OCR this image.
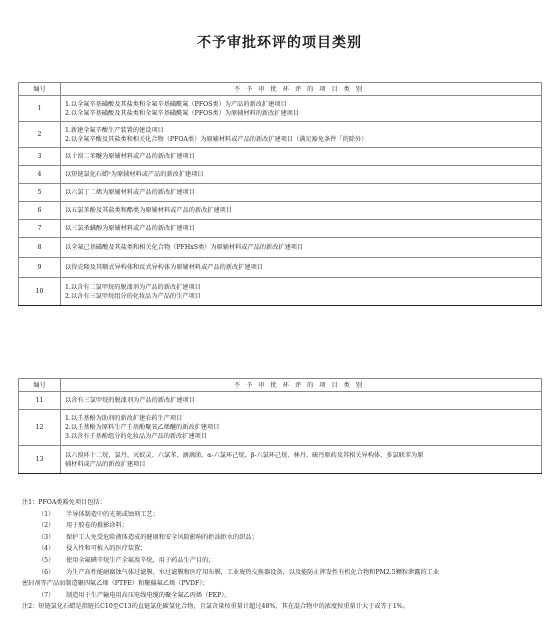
不予审批环评的项目类别
编号	不予审批环评的项目类别
1	1.以全氟辛基磺酸及其盐类和全氟辛基磺酰氟（PFOS类）为产品的新改扩建项目
2.以全氟辛基磺酸及其盐类和全氟辛基磺酰氟（PFOS类）为原辅材料的新改扩建项目

2	1.新建全氟辛酸生产装置的建设项目
2.以全氟辛酸及其盐类和相关化合物（PFOA类）为原辅材料或产品的新改扩建项目（满足豁免条件「的除外）

3	以十溴二苯醚为原辅材料或产品的新改扩建项目

4	以短链氯化石蜡²为原辅材料或产品的新改扩建项目

5	以六氯丁二烯为原辅材料或产品的新改扩建项目

6	以五氯苯酚及其盐类和酯类为原辅材料或产品的新改扩建项目

7	以三氯杀螨醇为原辅材料或产品的新改扩建项目

8	以全氟己基磺酸及其盐类和相关化合物（PFHxS类）为原辅材料或产品的新改扩建项目

9	以得克隆及其顺式异构体和反式异构体为原辅材料或产品的新改扩建项目

10	1.以含有二氯甲烷的脱漆剂为产品的新改扩建项目
2.以含有三氯甲烷组分的化妆品为产品的生产项目
编号	不予审批环评的项目类别
11	以含有三氯甲烷的脱漆剂为产品的新改扩建项目

12	1.以壬基酚为助剂的新改扩建农药生产项目
2.以壬基酚为原料生产壬基酚聚氧乙烯醚的新改扩建项目
3.以含有壬基酚组分的化妆品为产品的新改扩建项目

13	以六溴环十二烷、氯丹、灭蚁灵、六氯苯、滴滴涕、α-六氯环己烷、β-六氯环己烷、林丹、硫丹原药及其相关异构体、多氯联苯为原
辅材料或产品的新改扩建项目
注1：PFOA类豁免项目包括：
（1） 半导体制造中的光刻或蚀刻工艺；
（2） 用于胶卷的摄影涂料；
（3） 保护工人免受危险液体造成的健康和安全风险影响的拒油拒水的织品；
（4） 侵入性和可植入的医疗装置；
（5） 使用全氟碘辛烷生产全氟溴辛烷，用于药品生产目的；
（6） 为生产高性能耐腐蚀气体过滤膜、水过滤膜和医疗用布膜，工业废热交换器设备，以及能防止挥发性有机化合物和PM2.5颗粒泄露的工业
密封剂等产品而制造聚四氟乙烯（PTFE）和聚偏氟乙烯（PVDF）；
（7） 制造用于生产输电用高压电线电缆的聚全氟乙丙烯（FEP）。
注2：短链氯化石蜡是指链长C10至C13的直链氯化碳氢化合物，且氯含量按重量计超过48%，其在混合物中的浓度按重量计大于或等于1%。
